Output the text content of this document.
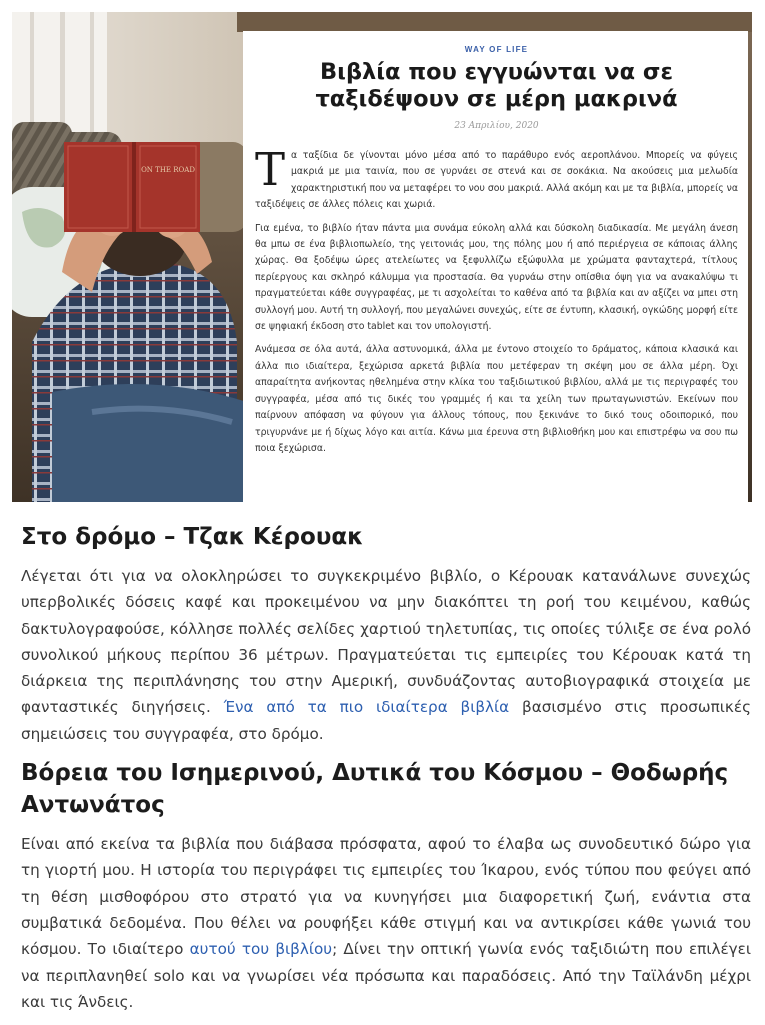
ON THE ROAD
WAY OF LIFE
Βιβλία που εγγυώνται να σε ταξιδέψουν σε μέρη μακρινά
23 Απριλίου, 2020

Τα ταξίδια δε γίνονται μόνο μέσα από το παράθυρο ενός αεροπλάνου. Μπορείς να φύγεις μακριά με μια ταινία, που σε γυρνάει σε στενά και σε σοκάκια. Να ακούσεις μια μελωδία χαρακτηριστική που να μεταφέρει το νου σου μακριά. Αλλά ακόμη και με τα βιβλία, μπορείς να ταξιδέψεις σε άλλες πόλεις και χωριά.

Για εμένα, το βιβλίο ήταν πάντα μια συνάμα εύκολη αλλά και δύσκολη διαδικασία. Με μεγάλη άνεση θα μπω σε ένα βιβλιοπωλείο, της γειτονιάς μου, της πόλης μου ή από περιέργεια σε κάποιας άλλης χώρας. Θα ξοδέψω ώρες ατελείωτες να ξεφυλλίζω εξώφυλλα με χρώματα φανταχτερά, τίτλους περίεργους και σκληρό κάλυμμα για προστασία. Θα γυρνάω στην οπίσθια όψη για να ανακαλύψω τι πραγματεύεται κάθε συγγραφέας, με τι ασχολείται το καθένα από τα βιβλία και αν αξίζει να μπει στη συλλογή μου. Αυτή τη συλλογή, που μεγαλώνει συνεχώς, είτε σε έντυπη, κλασική, ογκώδης μορφή είτε σε ψηφιακή έκδοση στο tablet και τον υπολογιστή.

Ανάμεσα σε όλα αυτά, άλλα αστυνομικά, άλλα με έντονο στοιχείο το δράματος, κάποια κλασικά και άλλα πιο ιδιαίτερα, ξεχώρισα αρκετά βιβλία που μετέφεραν τη σκέψη μου σε άλλα μέρη. Όχι απαραίτητα ανήκοντας ηθελημένα στην κλίκα του ταξιδιωτικού βιβλίου, αλλά με τις περιγραφές του συγγραφέα, μέσα από τις δικές του γραμμές ή και τα χείλη των πρωταγωνιστών. Εκείνων που παίρνουν απόφαση να φύγουν για άλλους τόπους, που ξεκινάνε το δικό τους οδοιπορικό, που τριγυρνάνε με ή δίχως λόγο και αιτία. Κάνω μια έρευνα στη βιβλιοθήκη μου και επιστρέφω να σου πω ποια ξεχώρισα.

Στο δρόμο – Τζακ Κέρουακ

Λέγεται ότι για να ολοκληρώσει το συγκεκριμένο βιβλίο, ο Κέρουακ κατανάλωνε συνεχώς υπερβολικές δόσεις καφέ και προκειμένου να μην διακόπτει τη ροή του κειμένου, καθώς δακτυλογραφούσε, κόλλησε πολλές σελίδες χαρτιού τηλετυπίας, τις οποίες τύλιξε σε ένα ρολό συνολικού μήκους περίπου 36 μέτρων. Πραγματεύεται τις εμπειρίες του Κέρουακ κατά τη διάρκεια της περιπλάνησης του στην Αμερική, συνδυάζοντας αυτοβιογραφικά στοιχεία με φανταστικές διηγήσεις. Ένα από τα πιο ιδιαίτερα βιβλία βασισμένο στις προσωπικές σημειώσεις του συγγραφέα, στο δρόμο.

Βόρεια του Ισημερινού, Δυτικά του Κόσμου – Θοδωρής Αντωνάτος

Είναι από εκείνα τα βιβλία που διάβασα πρόσφατα, αφού το έλαβα ως συνοδευτικό δώρο για τη γιορτή μου. Η ιστορία του περιγράφει τις εμπειρίες του Ίκαρου, ενός τύπου που φεύγει από τη θέση μισθοφόρου στο στρατό για να κυνηγήσει μια διαφορετική ζωή, ενάντια στα συμβατικά δεδομένα. Που θέλει να ρουφήξει κάθε στιγμή και να αντικρίσει κάθε γωνιά του κόσμου. Το ιδιαίτερο αυτού του βιβλίου; Δίνει την οπτική γωνία ενός ταξιδιώτη που επιλέγει να περιπλανηθεί solo και να γνωρίσει νέα πρόσωπα και παραδόσεις. Από την Ταϊλάνδη μέχρι και τις Άνδεις.
